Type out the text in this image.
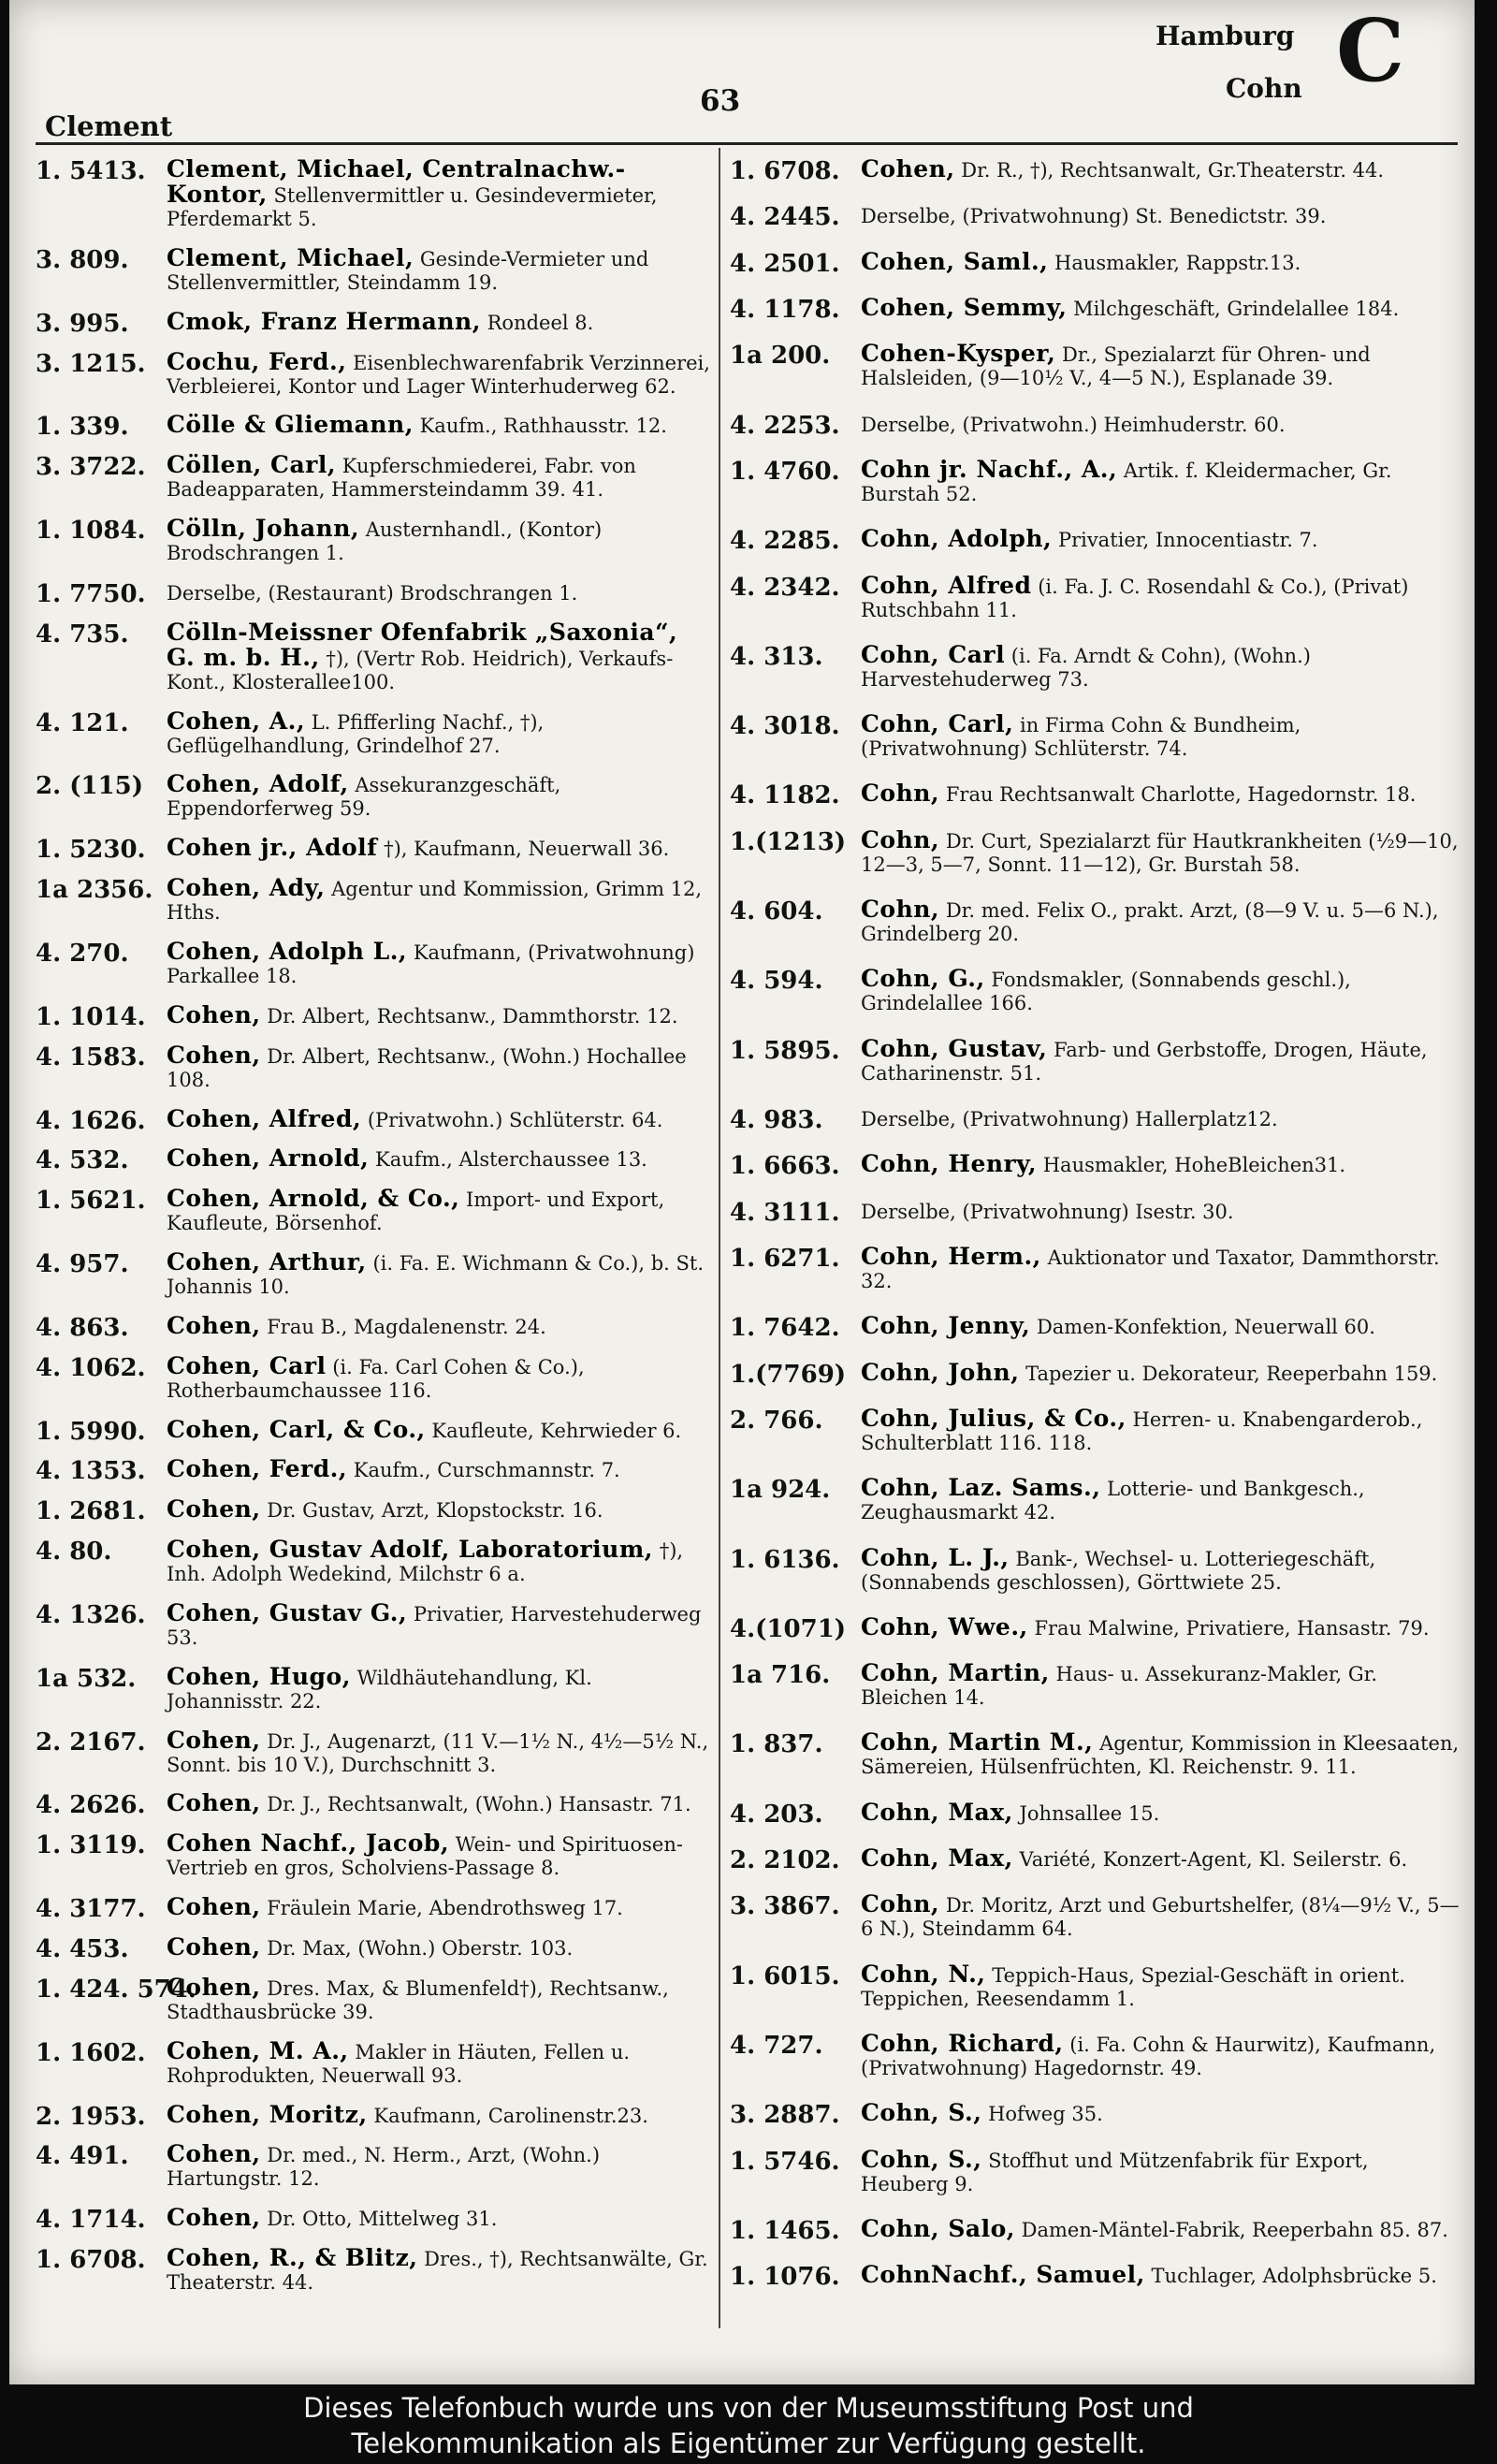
Clement
63
Hamburg
Cohn C
1. 5413. Clement, Michael, Centralnachw.-Kontor, Stellenvermittler u. Gesindevermieter, Pferdemarkt 5.
3. 809. Clement, Michael, Gesinde-Vermieter und Stellenvermittler, Steindamm 19.
3. 995. Cmok, Franz Hermann, Rondeel 8.
3. 1215. Cochu, Ferd., Eisenblechwarenfabrik Verzinnerei, Verbleierei, Kontor und Lager Winterhuderweg 62.
1. 339. Cölle & Gliemann, Kaufm., Rathhausstr. 12.
3. 3722. Cöllen, Carl, Kupferschmiederei, Fabr. von Badeapparaten, Hammersteindamm 39. 41.
1. 1084. Cölln, Johann, Austernhandl., (Kontor) Brodschrangen 1.
1. 7750. Derselbe, (Restaurant) Brodschrangen 1.
4. 735. Cölln-Meissner Ofenfabrik „Saxonia“, G. m. b. H., †), (Vertr Rob. Heidrich), Verkaufs-Kont., Klosterallee100.
4. 121. Cohen, A., L. Pfifferling Nachf., †), Geflügelhandlung, Grindelhof 27.
2. (115) Cohen, Adolf, Assekuranzgeschäft, Eppendorferweg 59.
1. 5230. Cohen jr., Adolf †), Kaufmann, Neuerwall 36.
1a 2356. Cohen, Ady, Agentur und Kommission, Grimm 12, Hths.
4. 270. Cohen, Adolph L., Kaufmann, (Privatwohnung) Parkallee 18.
1. 1014. Cohen, Dr. Albert, Rechtsanw., Dammthorstr. 12.
4. 1583. Cohen, Dr. Albert, Rechtsanw., (Wohn.) Hochallee 108.
4. 1626. Cohen, Alfred, (Privatwohn.) Schlüterstr. 64.
4. 532. Cohen, Arnold, Kaufm., Alsterchaussee 13.
1. 5621. Cohen, Arnold, & Co., Import- und Export, Kaufleute, Börsenhof.
4. 957. Cohen, Arthur, (i. Fa. E. Wichmann & Co.), b. St. Johannis 10.
4. 863. Cohen, Frau B., Magdalenenstr. 24.
4. 1062. Cohen, Carl (i. Fa. Carl Cohen & Co.), Rotherbaumchaussee 116.
1. 5990. Cohen, Carl, & Co., Kaufleute, Kehrwieder 6.
4. 1353. Cohen, Ferd., Kaufm., Curschmannstr. 7.
1. 2681. Cohen, Dr. Gustav, Arzt, Klopstockstr. 16.
4. 80. Cohen, Gustav Adolf, Laboratorium, †), Inh. Adolph Wedekind, Milchstr 6 a.
4. 1326. Cohen, Gustav G., Privatier, Harvestehuderweg 53.
1a 532. Cohen, Hugo, Wildhäutehandlung, Kl. Johannisstr. 22.
2. 2167. Cohen, Dr. J., Augenarzt, (11 V.—1½ N., 4½—5½ N., Sonnt. bis 10 V.), Durchschnitt 3.
4. 2626. Cohen, Dr. J., Rechtsanwalt, (Wohn.) Hansastr. 71.
1. 3119. Cohen Nachf., Jacob, Wein- und Spirituosen-Vertrieb en gros, Scholviens-Passage 8.
4. 3177. Cohen, Fräulein Marie, Abendrothsweg 17.
4. 453. Cohen, Dr. Max, (Wohn.) Oberstr. 103.
1. 424. 574.
Cohen, Dres. Max, & Blumenfeld†), Rechtsanw., Stadthausbrücke 39.
1. 1602. Cohen, M. A., Makler in Häuten, Fellen u. Rohprodukten, Neuerwall 93.
2. 1953. Cohen, Moritz, Kaufmann, Carolinenstr.23.
4. 491. Cohen, Dr. med., N. Herm., Arzt, (Wohn.) Hartungstr. 12.
4. 1714. Cohen, Dr. Otto, Mittelweg 31.
1. 6708. Cohen, R., & Blitz, Dres., †), Rechtsanwälte, Gr. Theaterstr. 44.
1. 6708. Cohen, Dr. R., †), Rechtsanwalt, Gr.Theaterstr. 44.
4. 2445. Derselbe, (Privatwohnung) St. Benedictstr. 39.
4. 2501. Cohen, Saml., Hausmakler, Rappstr.13.
4. 1178. Cohen, Semmy, Milchgeschäft, Grindelallee 184.
1a 200. Cohen-Kysper, Dr., Spezialarzt für Ohren- und Halsleiden, (9—10½ V., 4—5 N.), Esplanade 39.
4. 2253. Derselbe, (Privatwohn.) Heimhuderstr. 60.
1. 4760. Cohn jr. Nachf., A., Artik. f. Kleidermacher, Gr. Burstah 52.
4. 2285. Cohn, Adolph, Privatier, Innocentiastr. 7.
4. 2342. Cohn, Alfred (i. Fa. J. C. Rosendahl & Co.), (Privat) Rutschbahn 11.
4. 313. Cohn, Carl (i. Fa. Arndt & Cohn), (Wohn.) Harvestehuderweg 73.
4. 3018. Cohn, Carl, in Firma Cohn & Bundheim, (Privatwohnung) Schlüterstr. 74.
4. 1182. Cohn, Frau Rechtsanwalt Charlotte, Hagedornstr. 18.
1.(1213) Cohn, Dr. Curt, Spezialarzt für Hautkrankheiten (½9—10, 12—3, 5—7, Sonnt. 11—12), Gr. Burstah 58.
4. 604. Cohn, Dr. med. Felix O., prakt. Arzt, (8—9 V. u. 5—6 N.), Grindelberg 20.
4. 594. Cohn, G., Fondsmakler, (Sonnabends geschl.), Grindelallee 166.
1. 5895. Cohn, Gustav, Farb- und Gerbstoffe, Drogen, Häute, Catharinenstr. 51.
4. 983. Derselbe, (Privatwohnung) Hallerplatz12.
1. 6663. Cohn, Henry, Hausmakler, HoheBleichen31.
4. 3111. Derselbe, (Privatwohnung) Isestr. 30.
1. 6271. Cohn, Herm., Auktionator und Taxator, Dammthorstr. 32.
1. 7642. Cohn, Jenny, Damen-Konfektion, Neuerwall 60.
1.(7769) Cohn, John, Tapezier u. Dekorateur, Reeperbahn 159.
2. 766. Cohn, Julius, & Co., Herren- u. Knabengarderob., Schulterblatt 116. 118.
1a 924. Cohn, Laz. Sams., Lotterie- und Bankgesch., Zeughausmarkt 42.
1. 6136. Cohn, L. J., Bank-, Wechsel- u. Lotteriegeschäft, (Sonnabends geschlossen), Görttwiete 25.
4.(1071) Cohn, Wwe., Frau Malwine, Privatiere, Hansastr. 79.
1a 716. Cohn, Martin, Haus- u. Assekuranz-Makler, Gr. Bleichen 14.
1. 837. Cohn, Martin M., Agentur, Kommission in Kleesaaten, Sämereien, Hülsenfrüchten, Kl. Reichenstr. 9. 11.
4. 203. Cohn, Max, Johnsallee 15.
2. 2102. Cohn, Max, Variété, Konzert-Agent, Kl. Seilerstr. 6.
3. 3867. Cohn, Dr. Moritz, Arzt und Geburtshelfer, (8¼—9½ V., 5—6 N.), Steindamm 64.
1. 6015. Cohn, N., Teppich-Haus, Spezial-Geschäft in orient. Teppichen, Reesendamm 1.
4. 727. Cohn, Richard, (i. Fa. Cohn & Haurwitz), Kaufmann, (Privatwohnung) Hagedornstr. 49.
3. 2887. Cohn, S., Hofweg 35.
1. 5746. Cohn, S., Stoffhut und Mützenfabrik für Export, Heuberg 9.
1. 1465. Cohn, Salo, Damen-Mäntel-Fabrik, Reeperbahn 85. 87.
1. 1076. CohnNachf., Samuel, Tuchlager, Adolphsbrücke 5.
Dieses Telefonbuch wurde uns von der Museumsstiftung Post und
Telekommunikation als Eigentümer zur Verfügung gestellt.
